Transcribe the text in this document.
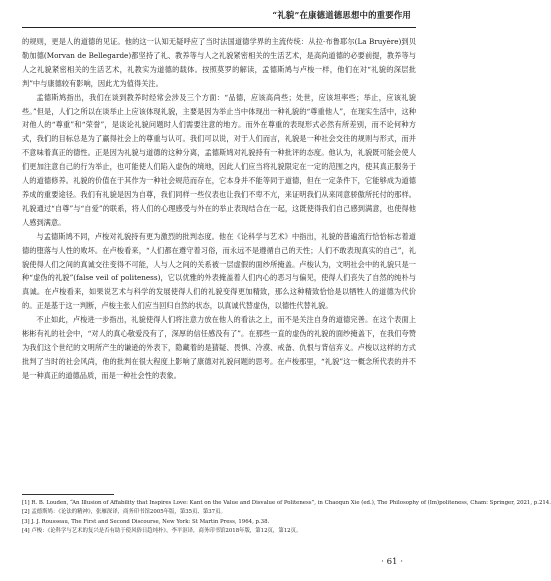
“礼貌”在康德道德思想中的重要作用

的规则，更是人的道德的见证。他的这一认知无疑呼应了当时法国道德学界的主流传统：从拉·布鲁耶尔(La Bruyère)到贝勒加德(Morvan de Bellegarde)都坚持了礼、教养等与人之礼貌紧密相关的生活艺术，是高尚道德的必要前提，教养等与人之礼貌紧密相关的生活艺术，礼教实为道德的载体。按照莫罗的解读，孟德斯鸠与卢梭一样，他们在对“礼貌的深层批判”中与康德较有影响，因此尤为值得关注。

孟德斯鸠指出，我们在谈到教养时经常会涉及三个方面：“品德，应该高尚些；处世，应该坦率些；举止，应该礼貌些。”但是，人们之所以在谈举止上应该体现礼貌，主要是因为举止当中体现出一种礼貌的“尊重他人”，在现实生活中，这种对他人的“尊重”和“荣誉”，是谈论礼貌问题时人们需要注意的地方。而外在尊重的表现形式必然有所差别，而不论何种方式，我们的目标总是为了赢得社会上的尊重与认可。我们可以说，对于人们而言，礼貌是一种社会交往的规则与形式，而并不意味着真正的德性。正是因为礼貌与道德的这种分离，孟德斯鸠对礼貌持有一种批评的态度。他认为，礼貌既可能会使人们更加注意自己的行为举止，也可能使人们陷入虚伪的境地，因此人们应当将礼貌限定在一定的范围之内，使其真正服务于人的道德修养。礼貌的价值在于其作为一种社会规范而存在，它本身并不能等同于道德，但在一定条件下，它能够成为道德养成的重要途径。我们有礼貌是因为自尊，我们同样一些仪表也让我们不卑不亢，来证明我们从来同意骄傲所托付的那样。礼貌通过“自尊”与“自爱”的联系，将人们的心理感受与外在的举止表现结合在一起，这既使得我们自己感到满意，也使得他人感到满意。

与孟德斯鸠不同，卢梭对礼貌持有更为激烈的批判态度。他在《论科学与艺术》中指出，礼貌的普遍流行恰恰标志着道德的堕落与人性的败坏。在卢梭看来，“人们都在遵守着习俗，而永远不是遵循自己的天性；人们不敢表现真实的自己”，礼貌使得人们之间的真诚交往变得不可能，人与人之间的关系被一层虚假的面纱所掩盖。卢梭认为，文明社会中的礼貌只是一种“虚伪的礼貌”(false veil of politeness)，它以优雅的外表掩盖着人们内心的恶习与偏见，使得人们丧失了自然的纯朴与真诚。在卢梭看来，如果说艺术与科学的发展使得人们的礼貌变得更加精致，那么这种精致恰恰是以牺牲人的道德为代价的。正是基于这一判断，卢梭主张人们应当回归自然的状态，以真诚代替虚伪，以德性代替礼貌。

不止如此，卢梭进一步指出，礼貌使得人们将注意力放在他人的看法之上，而不是关注自身的道德完善。在这个表面上彬彬有礼的社会中，“对人的真心敬爱没有了，深厚的信任感没有了”。在那些一直的虚伪的礼貌的面纱掩盖下，在我们夸赞为我们这个世纪的文明所产生的谦逊的外表下，隐藏着的是猜疑、畏惧、冷漠、戒备、仇恨与背信弃义。卢梭以这样的方式批判了当时的社会风尚，他的批判在很大程度上影响了康德对礼貌问题的思考。在卢梭那里，“礼貌”这一概念所代表的并不是一种真正的道德品质，而是一种社会性的表象。

[1] R. B. Louden, “An Illusion of Affability that Inspires Love: Kant on the Value and Disvalue of Politeness”, in Chaoqun Xie (ed.), The Philosophy of (Im)politeness, Cham: Springer, 2021, p.214.

[2] 孟德斯鸠：《论法的精神》，张雁深译，商务印书馆2005年版，第35页、第37页。

[3] J. J. Rousseau, The First and Second Discourse, New York: St Martin Press, 1964, p.38.

[4] 卢梭：《论科学与艺术的复兴是否有助于使风俗日趋纯朴》，李平沤译，商务印书馆2018年版，第12页，第12页。

· 61 ·
